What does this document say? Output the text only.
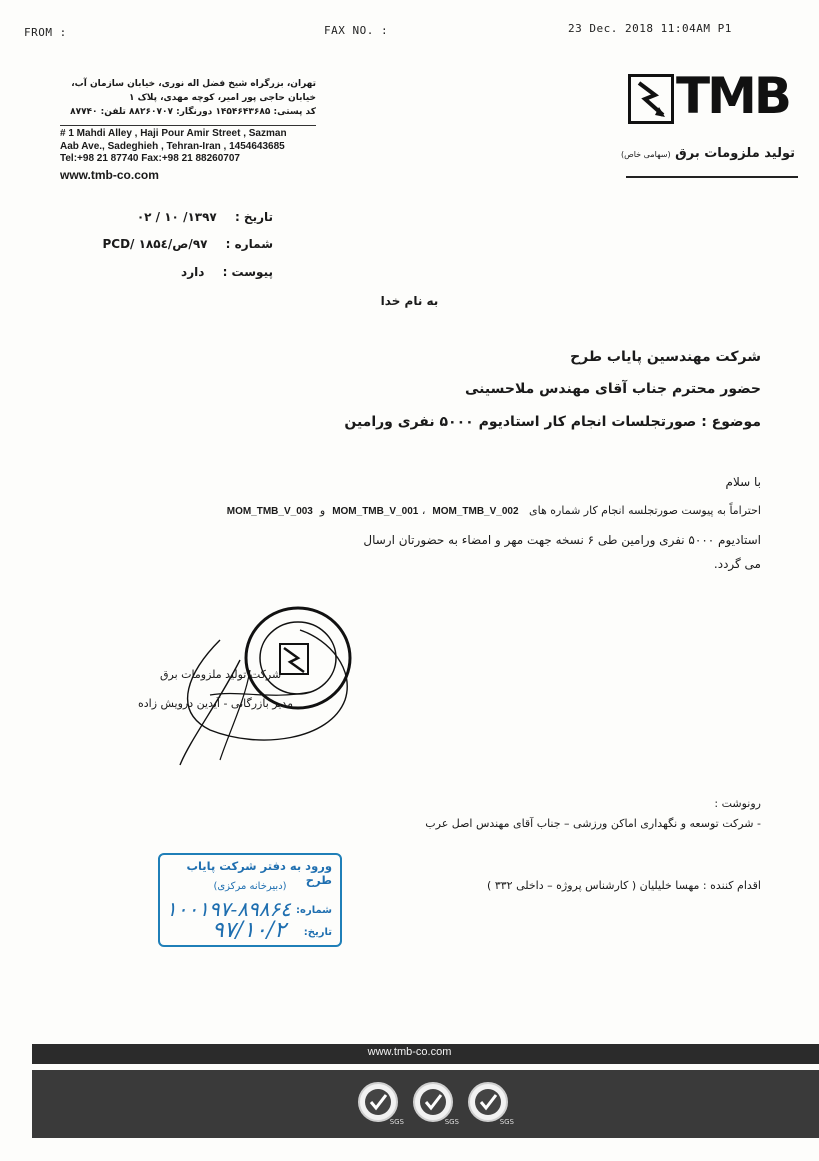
FROM :	FAX NO. :	23 Dec. 2018 11:04AM P1
TMB
تولید ملزومات برق (سهامی خاص)
تهران، بزرگراه شیخ فضل اله نوری، خیابان سازمان آب،
خیابان حاجی پور امیر، کوچه مهدی، پلاک ۱
کد پستی: ۱۴۵۴۶۴۳۶۸۵ دورنگار: ۸۸۲۶۰۷۰۷ تلفن: ۸۷۷۴۰
# 1 Mahdi Alley , Haji Pour Amir Street , Sazman
Aab Ave., Sadeghieh , Tehran-Iran , 1454643685
Tel:+98 21 87740 Fax:+98 21 88260707
www.tmb-co.com
تاریخ : ۱۳۹۷/ ۱۰ / ۰۲
شماره : ۹۷/ص/PCD/ ۱۸۵٤
پیوست : دارد
به نام خدا
شرکت مهندسین پایاب طرح
حضور محترم جناب آقای مهندس ملاحسینی
موضوع : صورتجلسات انجام کار استادیوم ۵۰۰۰ نفری ورامین
با سلام
احتراماً به پیوست صورتجلسه انجام کار شماره های   MOM_TMB_V_001 ، MOM_TMB_V_002  و  MOM_TMB_V_003
استادیوم ۵۰۰۰ نفری ورامین طی ۶ نسخه جهت مهر و امضاء به حضورتان ارسال
می گردد.
شرکت تولید ملزومات برق
مدیر بازرگانی - آیدین درویش زاده
رونوشت :
- شرکت توسعه و نگهداری اماکن ورزشی – جناب آقای مهندس اصل عرب
ورود به دفتر شرکت پایاب طرح
(دبیرخانه مرکزی)
شماره:
۱۰۰۱۹۷-۸۹۸۶٤
تاریخ:
۹۷/۱۰/۲
اقدام کننده : مهسا خلیلیان ( کارشناس پروژه – داخلی ۳۳۲ )
www.tmb-co.com
SGS	SGS	SGS
